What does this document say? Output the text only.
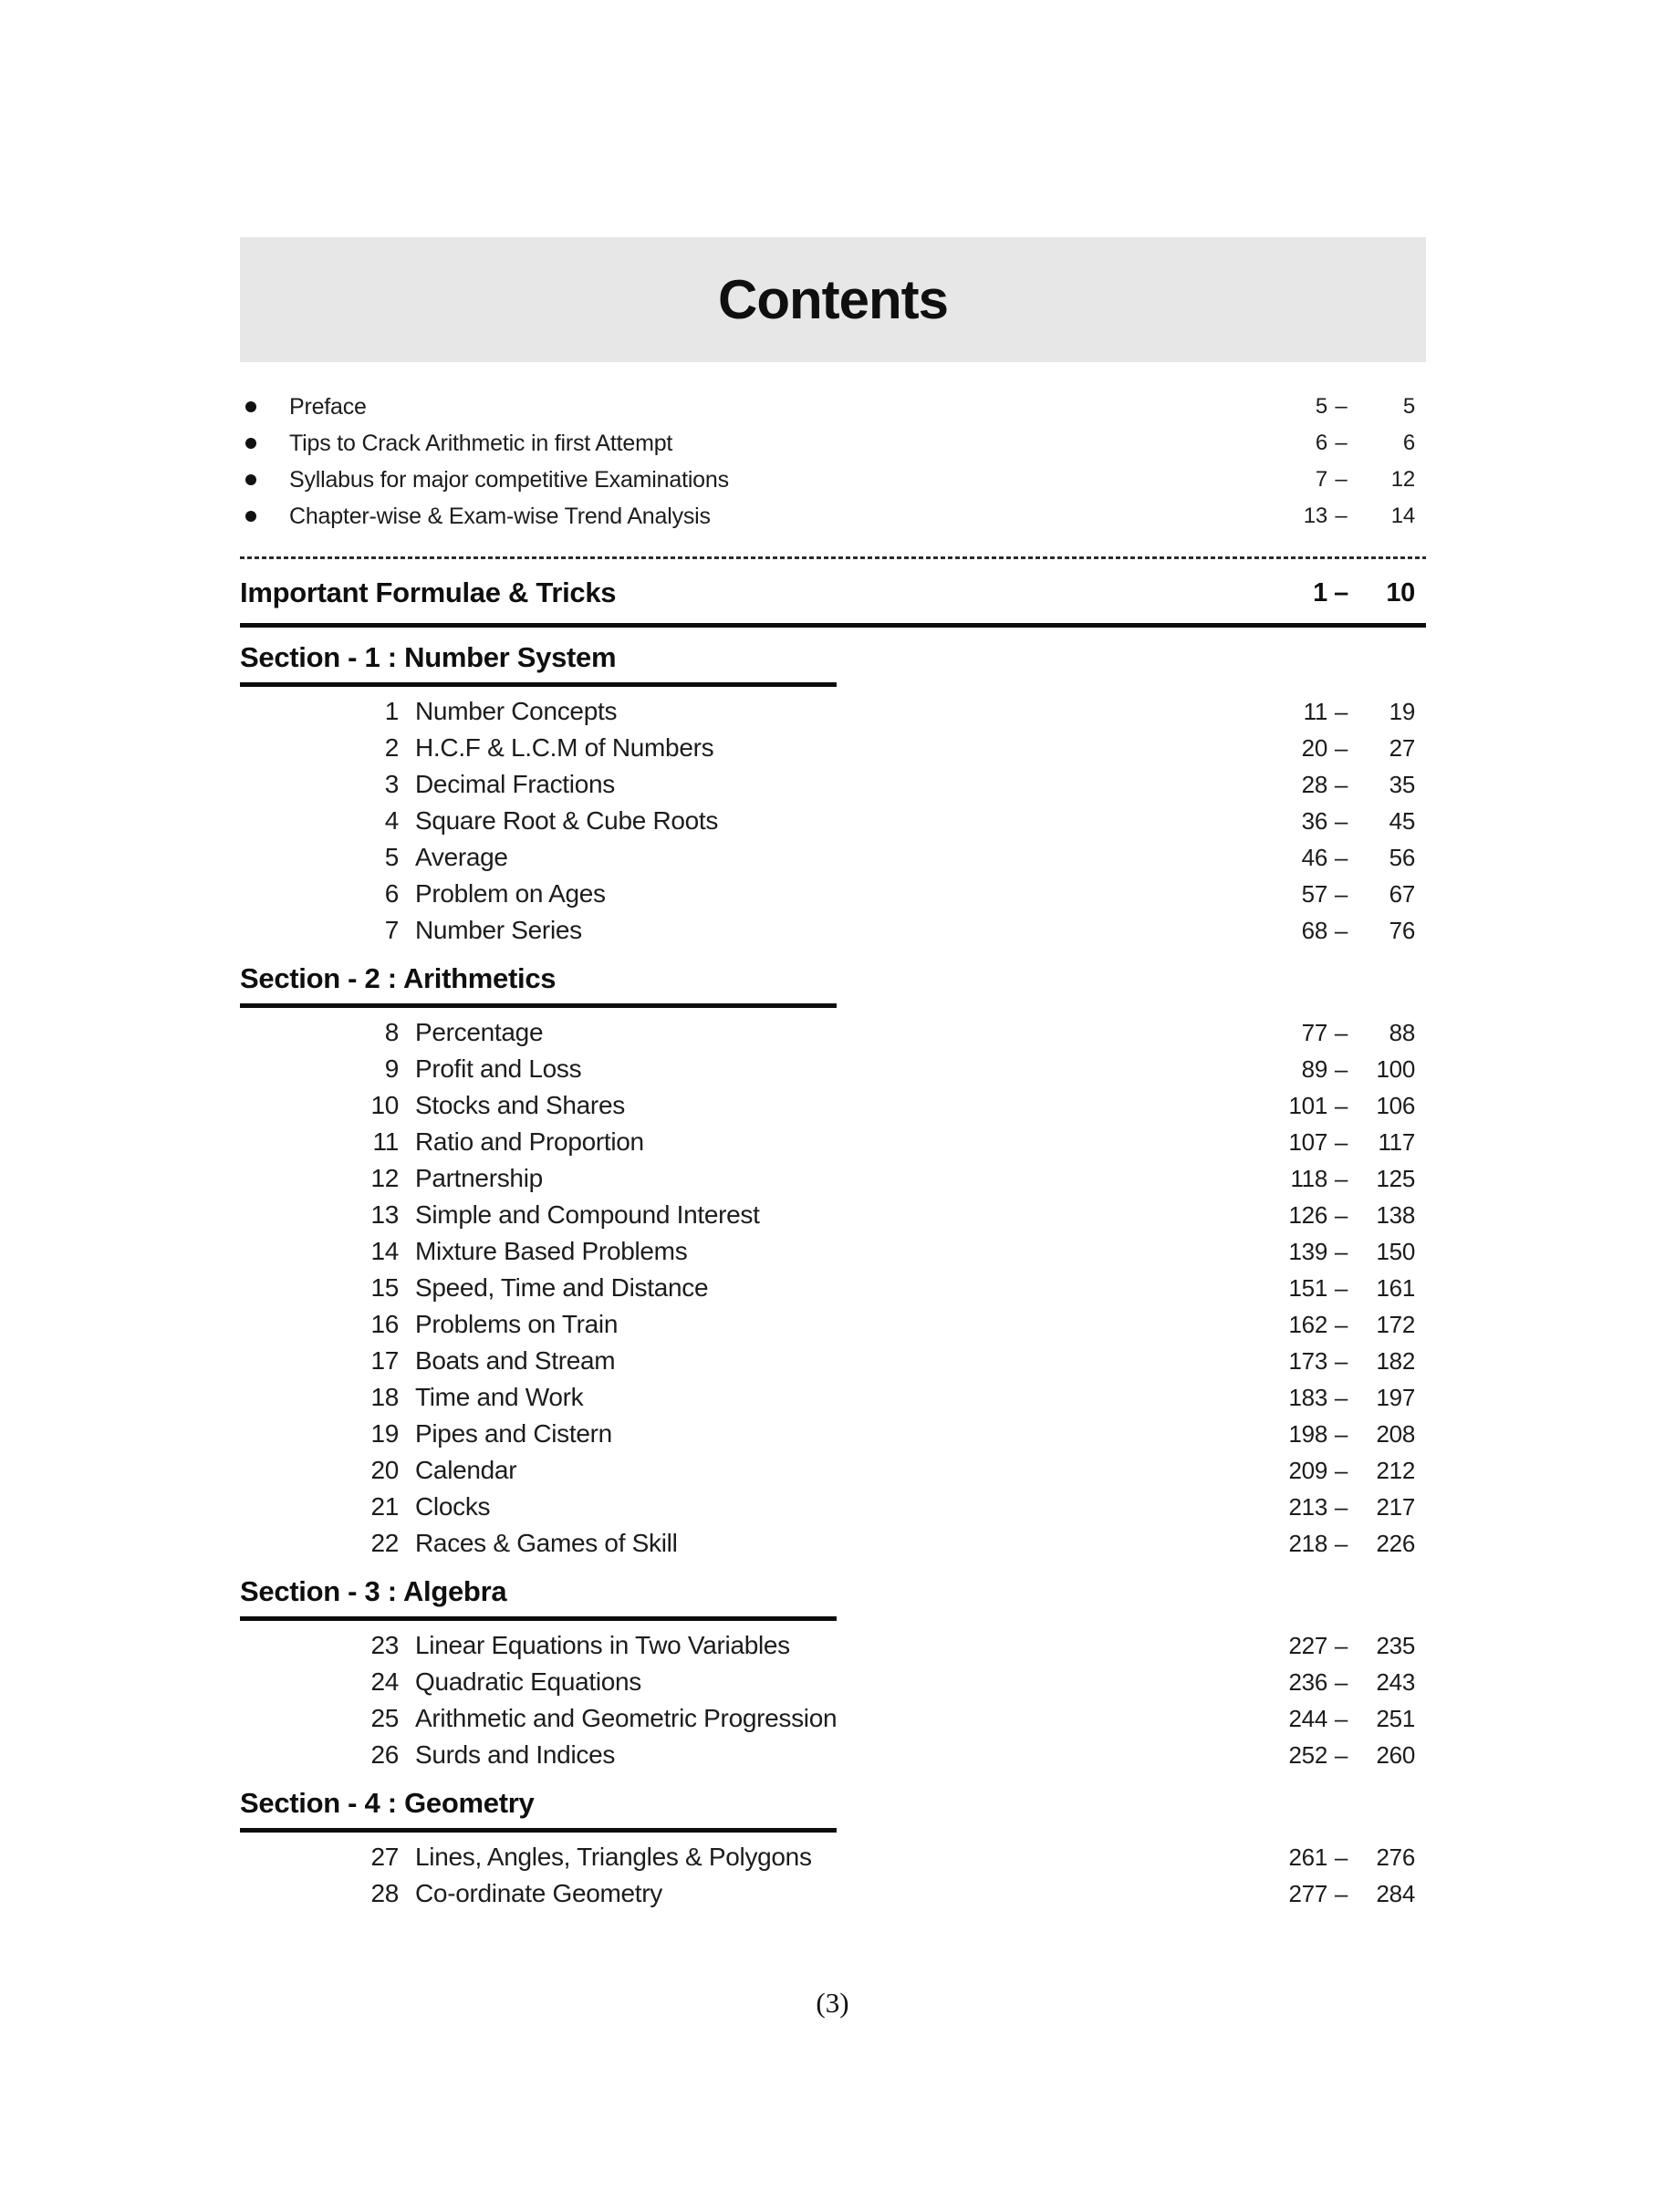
Contents
Preface	5 –	5
Tips to Crack Arithmetic in first Attempt	6 –	6
Syllabus for major competitive Examinations	7 –	12
Chapter-wise & Exam-wise Trend Analysis	13 –	14
Important Formulae & Tricks	1 –	10
Section - 1 : Number System
1 Number Concepts	11 –	19
2 H.C.F & L.C.M of Numbers	20 –	27
3 Decimal Fractions	28 –	35
4 Square Root & Cube Roots	36 –	45
5 Average	46 –	56
6 Problem on Ages	57 –	67
7 Number Series	68 –	76
Section - 2 : Arithmetics
8 Percentage	77 –	88
9 Profit and Loss	89 –	100
10 Stocks and Shares	101 –	106
11 Ratio and Proportion	107 –	117
12 Partnership	118 –	125
13 Simple and Compound Interest	126 –	138
14 Mixture Based Problems	139 –	150
15 Speed, Time and Distance	151 –	161
16 Problems on Train	162 –	172
17 Boats and Stream	173 –	182
18 Time and Work	183 –	197
19 Pipes and Cistern	198 –	208
20 Calendar	209 –	212
21 Clocks	213 –	217
22 Races & Games of Skill	218 –	226
Section - 3 : Algebra
23 Linear Equations in Two Variables	227 –	235
24 Quadratic Equations	236 –	243
25 Arithmetic and Geometric Progression	244 –	251
26 Surds and Indices	252 –	260
Section - 4 : Geometry
27 Lines, Angles, Triangles & Polygons	261 –	276
28 Co-ordinate Geometry	277 –	284
(3)
